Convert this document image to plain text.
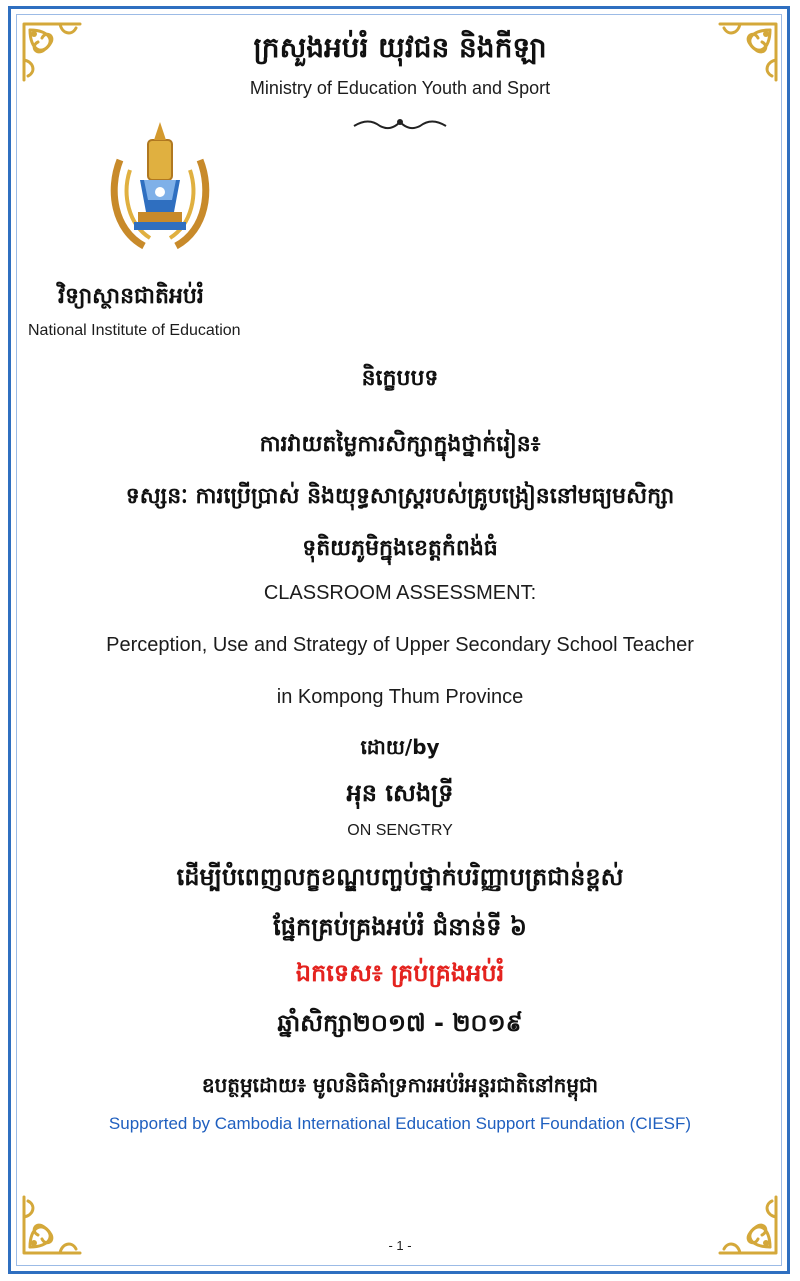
ក្រសួងអប់រំ យុវជន និងកីឡា
Ministry of Education Youth and Sport
វិទ្យាស្ថានជាតិអប់រំ
National Institute of Education
និក្ខេបបទ
ការវាយតម្លៃការសិក្សាក្នុងថ្នាក់រៀន៖
ទស្សនៈ ការប្រើប្រាស់ និងយុទ្ធសាស្ត្ររបស់គ្រូបង្រៀននៅមធ្យមសិក្សា
ទុតិយភូមិក្នុងខេត្តកំពង់ធំ
CLASSROOM ASSESSMENT:
Perception, Use and Strategy of Upper Secondary School Teacher
in Kompong Thum Province
ដោយ/by
អុន សេងទ្រី
ON SENGTRY
ដើម្បីបំពេញលក្ខខណ្ឌបញ្ចប់ថ្នាក់បរិញ្ញាបត្រជាន់ខ្ពស់
ផ្នែកគ្រប់គ្រងអប់រំ ជំនាន់ទី ៦
ឯកទេស៖ គ្រប់គ្រងអប់រំ
ឆ្នាំសិក្សា២០១៧ - ២០១៩
ឧបត្ថម្ភដោយ៖ មូលនិធិគាំទ្រការអប់រំអន្តរជាតិនៅកម្ពុជា
Supported by Cambodia International Education Support Foundation (CIESF)
- 1 -
